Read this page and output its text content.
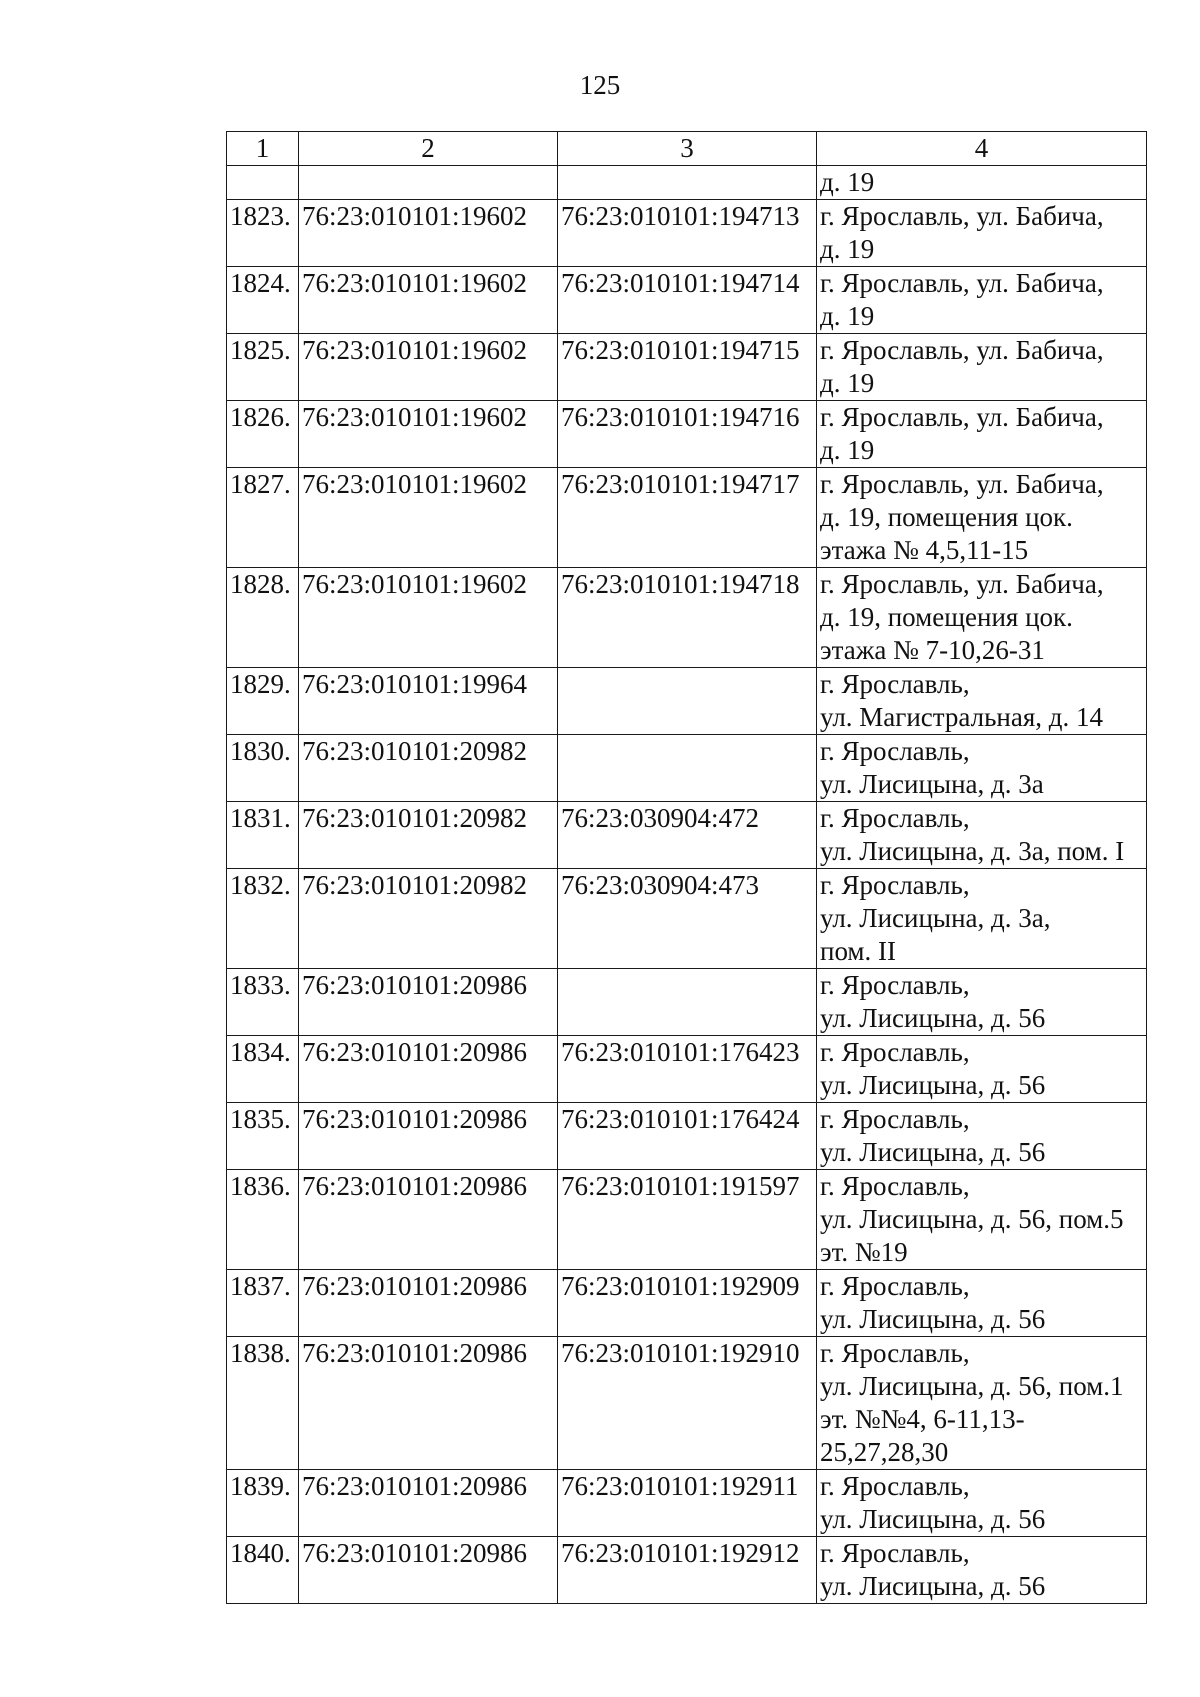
125
1	2	3	4

			д. 19

1823.	76:23:010101:19602	76:23:010101:194713	г. Ярославль, ул. Бабича,
д. 19

1824.	76:23:010101:19602	76:23:010101:194714	г. Ярославль, ул. Бабича,
д. 19

1825.	76:23:010101:19602	76:23:010101:194715	г. Ярославль, ул. Бабича,
д. 19

1826.	76:23:010101:19602	76:23:010101:194716	г. Ярославль, ул. Бабича,
д. 19

1827.	76:23:010101:19602	76:23:010101:194717	г. Ярославль, ул. Бабича,
д. 19, помещения цок.
этажа № 4,5,11-15

1828.	76:23:010101:19602	76:23:010101:194718	г. Ярославль, ул. Бабича,
д. 19, помещения цок.
этажа № 7-10,26-31

1829.	76:23:010101:19964		г. Ярославль,
ул. Магистральная, д. 14

1830.	76:23:010101:20982		г. Ярославль,
ул. Лисицына, д. 3а

1831.	76:23:010101:20982	76:23:030904:472	г. Ярославль,
ул. Лисицына, д. 3а, пом. I

1832.	76:23:010101:20982	76:23:030904:473	г. Ярославль,
ул. Лисицына, д. 3а,
пом. II

1833.	76:23:010101:20986		г. Ярославль,
ул. Лисицына, д. 56

1834.	76:23:010101:20986	76:23:010101:176423	г. Ярославль,
ул. Лисицына, д. 56

1835.	76:23:010101:20986	76:23:010101:176424	г. Ярославль,
ул. Лисицына, д. 56

1836.	76:23:010101:20986	76:23:010101:191597	г. Ярославль,
ул. Лисицына, д. 56, пом.5
эт. №19

1837.	76:23:010101:20986	76:23:010101:192909	г. Ярославль,
ул. Лисицына, д. 56

1838.	76:23:010101:20986	76:23:010101:192910	г. Ярославль,
ул. Лисицына, д. 56, пом.1
эт. №№4, 6-11,13-
25,27,28,30

1839.	76:23:010101:20986	76:23:010101:192911	г. Ярославль,
ул. Лисицына, д. 56

1840.	76:23:010101:20986	76:23:010101:192912	г. Ярославль,
ул. Лисицына, д. 56
